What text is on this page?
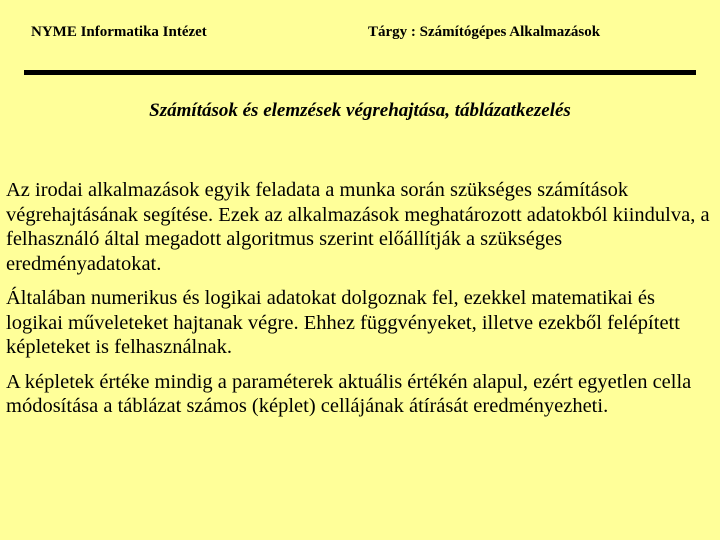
NYME Informatika Intézet	Tárgy : Számítógépes Alkalmazások
Számítások és elemzések végrehajtása, táblázatkezelés

Az irodai alkalmazások egyik feladata a munka során szükséges számítások végrehajtásának segítése. Ezek az alkalmazások meghatározott adatokból kiindulva, a felhasználó által megadott algoritmus szerint előállítják a szükséges eredményadatokat.

Általában numerikus és logikai adatokat dolgoznak fel, ezekkel matematikai és logikai műveleteket hajtanak végre. Ehhez függvényeket, illetve ezekből felépített képleteket is felhasználnak.

A képletek értéke mindig a paraméterek aktuális értékén alapul, ezért egyetlen cella módosítása a táblázat számos (képlet) cellájának átírását eredményezheti.
